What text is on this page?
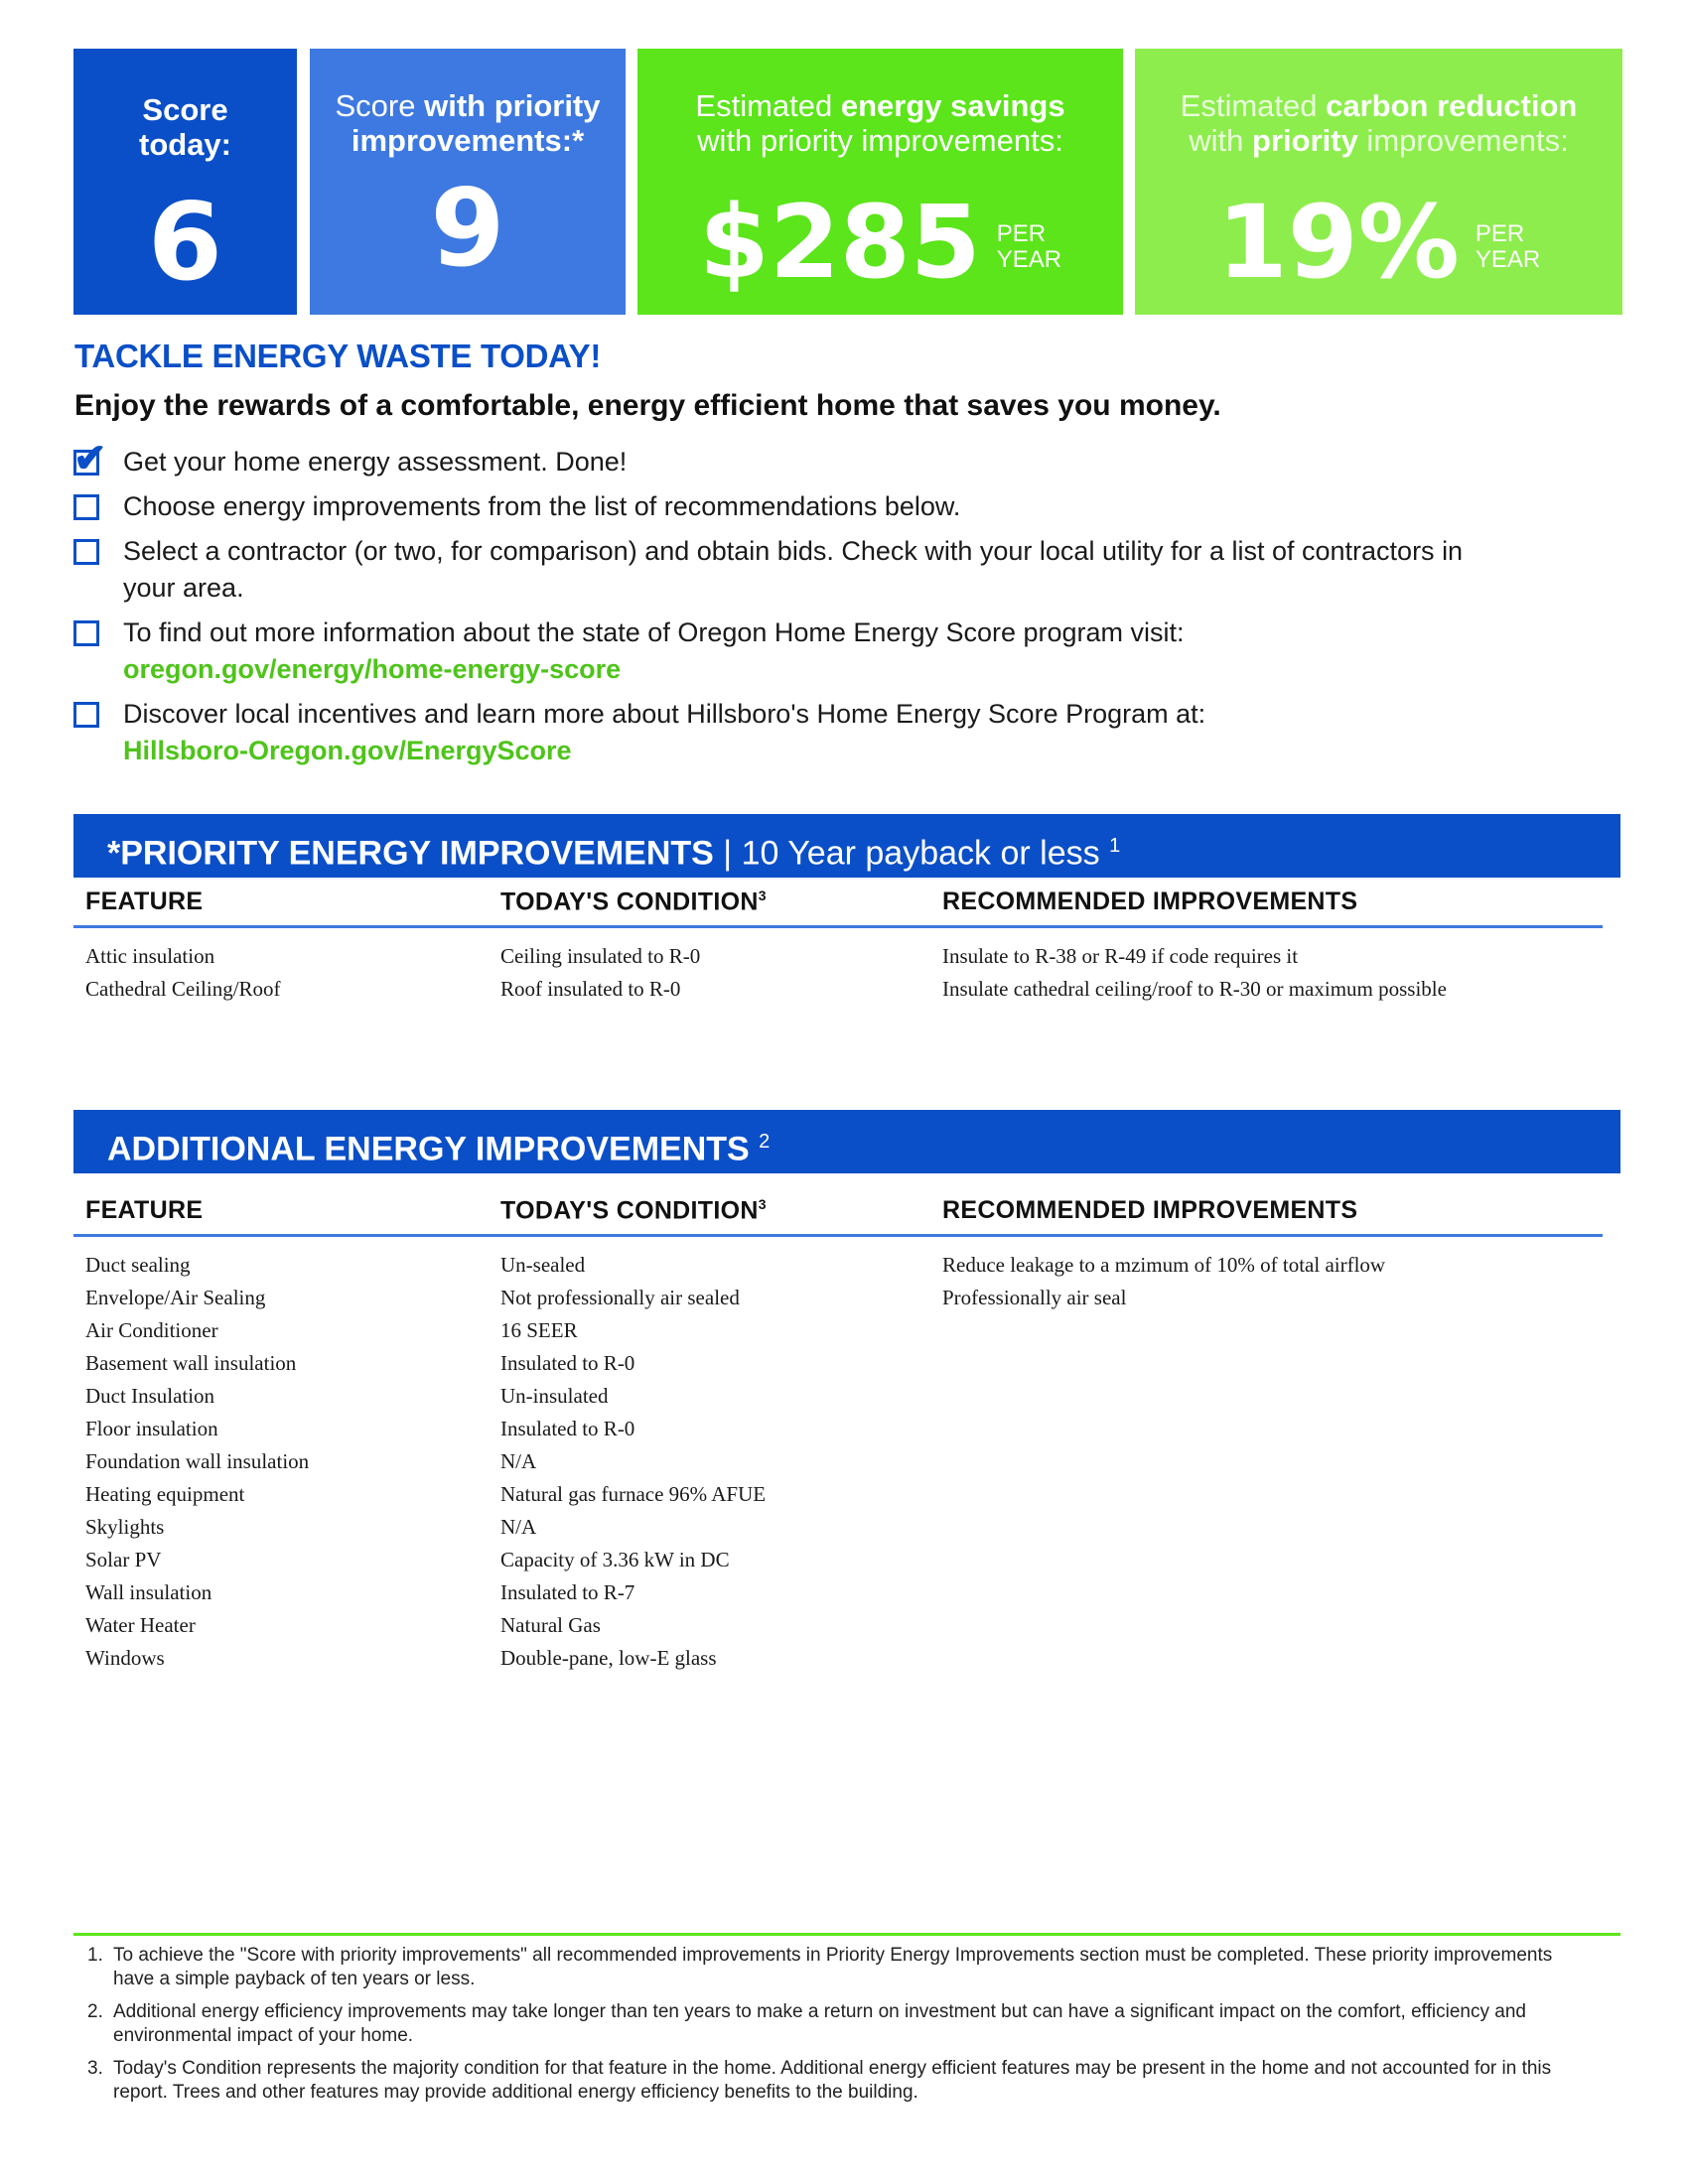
Score
today:
6
Score with priority
improvements:*
9
Estimated energy savings
with priority improvements:
$285 PER
YEAR
Estimated carbon reduction
with priority improvements:
19% PER
YEAR
TACKLE ENERGY WASTE TODAY!
Enjoy the rewards of a comfortable, energy efficient home that saves you money.
✔ Get your home energy assessment. Done!
Choose energy improvements from the list of recommendations below.
Select a contractor (or two, for comparison) and obtain bids. Check with your local utility for a list of contractors in your area.
To find out more information about the state of Oregon Home Energy Score program visit:
oregon.gov/energy/home-energy-score
Discover local incentives and learn more about Hillsboro's Home Energy Score Program at:
Hillsboro-Oregon.gov/EnergyScore
*PRIORITY ENERGY IMPROVEMENTS | 10 Year payback or less $^1$
FEATURE	TODAY'S CONDITION$^3$	RECOMMENDED IMPROVEMENTS
Attic insulation	Ceiling insulated to R-0	Insulate to R-38 or R-49 if code requires it
Cathedral Ceiling/Roof	Roof insulated to R-0	Insulate cathedral ceiling/roof to R-30 or maximum possible
ADDITIONAL ENERGY IMPROVEMENTS $^2$
FEATURE	TODAY'S CONDITION$^3$	RECOMMENDED IMPROVEMENTS
Duct sealing	Un-sealed	Reduce leakage to a mzimum of 10% of total airflow
Envelope/Air Sealing	Not professionally air sealed	Professionally air seal
Air Conditioner	16 SEER
Basement wall insulation	Insulated to R-0
Duct Insulation	Un-insulated
Floor insulation	Insulated to R-0
Foundation wall insulation	N/A
Heating equipment	Natural gas furnace 96% AFUE
Skylights	N/A
Solar PV	Capacity of 3.36 kW in DC
Wall insulation	Insulated to R-7
Water Heater	Natural Gas
Windows	Double-pane, low-E glass
1. To achieve the "Score with priority improvements" all recommended improvements in Priority Energy Improvements section must be completed. These priority improvements have a simple payback of ten years or less.
2. Additional energy efficiency improvements may take longer than ten years to make a return on investment but can have a significant impact on the comfort, efficiency and environmental impact of your home.
3. Today's Condition represents the majority condition for that feature in the home. Additional energy efficient features may be present in the home and not accounted for in this report. Trees and other features may provide additional energy efficiency benefits to the building.
